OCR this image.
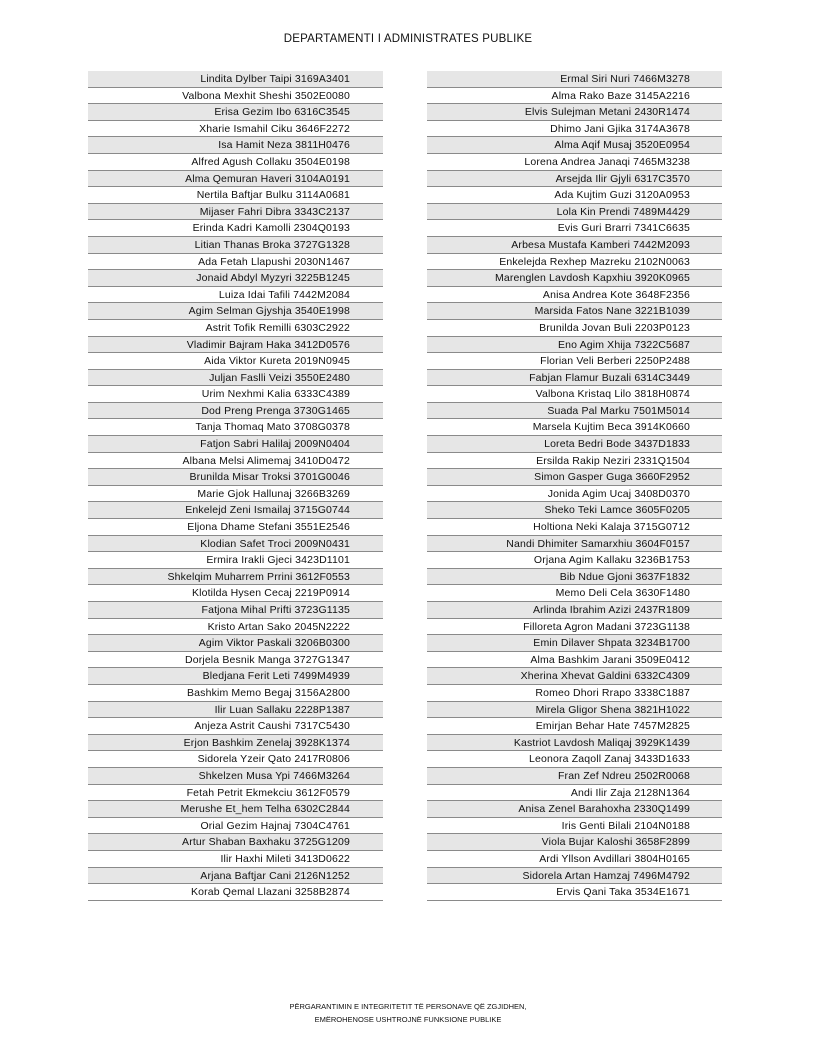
DEPARTAMENTI I ADMINISTRATES PUBLIKE
Lindita Dylber Taipi 3169A3401
Valbona Mexhit Sheshi 3502E0080
Erisa Gezim Ibo 6316C3545
Xharie Ismahil Ciku 3646F2272
Isa Hamit Neza 3811H0476
Alfred Agush Collaku 3504E0198
Alma Qemuran Haveri 3104A0191
Nertila Baftjar Bulku 3114A0681
Mijaser Fahri Dibra 3343C2137
Erinda Kadri Kamolli 2304Q0193
Litian Thanas Broka 3727G1328
Ada Fetah Llapushi 2030N1467
Jonaid Abdyl Myzyri 3225B1245
Luiza Idai Tafili 7442M2084
Agim Selman Gjyshja 3540E1998
Astrit Tofik Remilli 6303C2922
Vladimir Bajram Haka 3412D0576
Aida Viktor Kureta 2019N0945
Juljan Faslli Veizi 3550E2480
Urim Nexhmi Kalia 6333C4389
Dod Preng Prenga 3730G1465
Tanja Thomaq Mato 3708G0378
Fatjon Sabri Halilaj 2009N0404
Albana Melsi Alimemaj 3410D0472
Brunilda Misar Troksi 3701G0046
Marie Gjok Hallunaj 3266B3269
Enkelejd Zeni Ismailaj 3715G0744
Eljona Dhame Stefani 3551E2546
Klodian Safet Troci 2009N0431
Ermira Irakli Gjeci 3423D1101
Shkelqim Muharrem Prrini 3612F0553
Klotilda Hysen Cecaj 2219P0914
Fatjona Mihal Prifti 3723G1135
Kristo Artan Sako 2045N2222
Agim Viktor Paskali 3206B0300
Dorjela Besnik Manga 3727G1347
Bledjana Ferit Leti 7499M4939
Bashkim Memo Begaj 3156A2800
Ilir Luan Sallaku 2228P1387
Anjeza Astrit Caushi 7317C5430
Erjon Bashkim Zenelaj 3928K1374
Sidorela Yzeir Qato 2417R0806
Shkelzen Musa Ypi 7466M3264
Fetah Petrit Ekmekciu 3612F0579
Merushe Et_hem Telha 6302C2844
Orial Gezim Hajnaj 7304C4761
Artur Shaban Baxhaku 3725G1209
Ilir Haxhi Mileti 3413D0622
Arjana Baftjar Cani 2126N1252
Korab Qemal Llazani 3258B2874
Ermal Siri Nuri 7466M3278
Alma Rako Baze 3145A2216
Elvis Sulejman Metani 2430R1474
Dhimo Jani Gjika 3174A3678
Alma Aqif Musaj 3520E0954
Lorena Andrea Janaqi 7465M3238
Arsejda Ilir Gjyli 6317C3570
Ada Kujtim Guzi 3120A0953
Lola Kin Prendi 7489M4429
Evis Guri Brarri 7341C6635
Arbesa Mustafa Kamberi 7442M2093
Enkelejda Rexhep Mazreku 2102N0063
Marenglen Lavdosh Kapxhiu 3920K0965
Anisa Andrea Kote 3648F2356
Marsida Fatos Nane 3221B1039
Brunilda Jovan Buli 2203P0123
Eno Agim Xhija 7322C5687
Florian Veli Berberi 2250P2488
Fabjan Flamur Buzali 6314C3449
Valbona Kristaq Lilo 3818H0874
Suada Pal Marku 7501M5014
Marsela Kujtim Beca 3914K0660
Loreta Bedri Bode 3437D1833
Ersilda Rakip Neziri 2331Q1504
Simon Gasper Guga 3660F2952
Jonida Agim Ucaj 3408D0370
Sheko Teki Lamce 3605F0205
Holtiona Neki Kalaja 3715G0712
Nandi Dhimiter Samarxhiu 3604F0157
Orjana Agim Kallaku 3236B1753
Bib Ndue Gjoni 3637F1832
Memo Deli Cela 3630F1480
Arlinda Ibrahim Azizi 2437R1809
Filloreta Agron Madani 3723G1138
Emin Dilaver Shpata 3234B1700
Alma Bashkim Jarani 3509E0412
Xherina Xhevat Galdini 6332C4309
Romeo Dhori Rrapo 3338C1887
Mirela Gligor Shena 3821H1022
Emirjan Behar Hate 7457M2825
Kastriot Lavdosh Maliqaj 3929K1439
Leonora Zaqoll Zanaj 3433D1633
Fran Zef Ndreu 2502R0068
Andi Ilir Zaja 2128N1364
Anisa Zenel Barahoxha 2330Q1499
Iris Genti Bilali 2104N0188
Viola Bujar Kaloshi 3658F2899
Ardi Yllson Avdillari 3804H0165
Sidorela Artan Hamzaj 7496M4792
Ervis Qani Taka 3534E1671
PËRGARANTIMIN E INTEGRITETIT TË PERSONAVE QË ZGJIDHEN,
EMËROHENOSE USHTROJNË FUNKSIONE PUBLIKE
